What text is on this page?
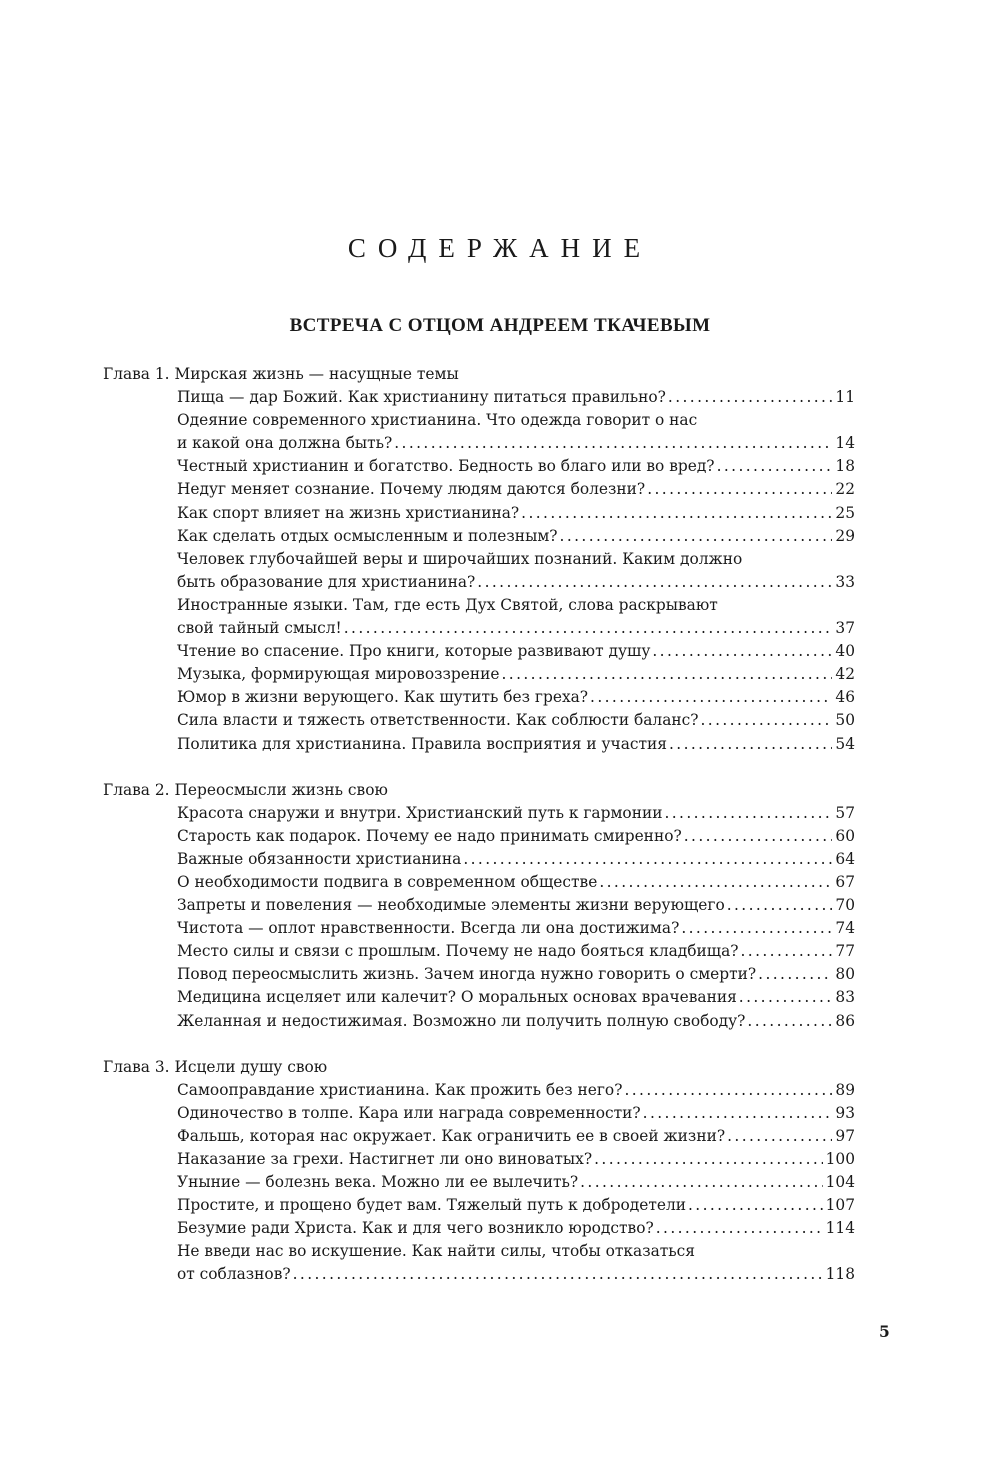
СОДЕРЖАНИЕ
ВСТРЕЧА С ОТЦОМ АНДРЕЕМ ТКАЧЕВЫМ
Глава 1. Мирская жизнь — насущные темы
Пища — дар Божий. Как христианину питаться правильно? .....	11
Одеяние современного христианина. Что одежда говорит о нас
и какой она должна быть? .....	14
Честный христианин и богатство. Бедность во благо или во вред? .....	18
Недуг меняет сознание. Почему людям даются болезни? .....	22
Как спорт влияет на жизнь христианина? .....	25
Как сделать отдых осмысленным и полезным? .....	29
Человек глубочайшей веры и широчайших познаний. Каким должно
быть образование для христианина? .....	33
Иностранные языки. Там, где есть Дух Святой, слова раскрывают
свой тайный смысл! .....	37
Чтение во спасение. Про книги, которые развивают душу .....	40
Музыка, формирующая мировоззрение .....	42
Юмор в жизни верующего. Как шутить без греха? .....	46
Сила власти и тяжесть ответственности. Как соблюсти баланс? .....	50
Политика для христианина. Правила восприятия и участия .....	54
Глава 2. Переосмысли жизнь свою
Красота снаружи и внутри. Христианский путь к гармонии .....	57
Старость как подарок. Почему ее надо принимать смиренно? .....	60
Важные обязанности христианина .....	64
О необходимости подвига в современном обществе .....	67
Запреты и повеления — необходимые элементы жизни верующего .....	70
Чистота — оплот нравственности. Всегда ли она достижима? .....	74
Место силы и связи с прошлым. Почему не надо бояться кладбища? .....	77
Повод переосмыслить жизнь. Зачем иногда нужно говорить о смерти? .....	80
Медицина исцеляет или калечит? О моральных основах врачевания .....	83
Желанная и недостижимая. Возможно ли получить полную свободу? .....	86
Глава 3. Исцели душу свою
Самооправдание христианина. Как прожить без него? .....	89
Одиночество в толпе. Кара или награда современности? .....	93
Фальшь, которая нас окружает. Как ограничить ее в своей жизни? .....	97
Наказание за грехи. Настигнет ли оно виноватых? .....	100
Уныние — болезнь века. Можно ли ее вылечить? .....	104
Простите, и прощено будет вам. Тяжелый путь к добродетели .....	107
Безумие ради Христа. Как и для чего возникло юродство? .....	114
Не введи нас во искушение. Как найти силы, чтобы отказаться
от соблазнов? .....	118
5
